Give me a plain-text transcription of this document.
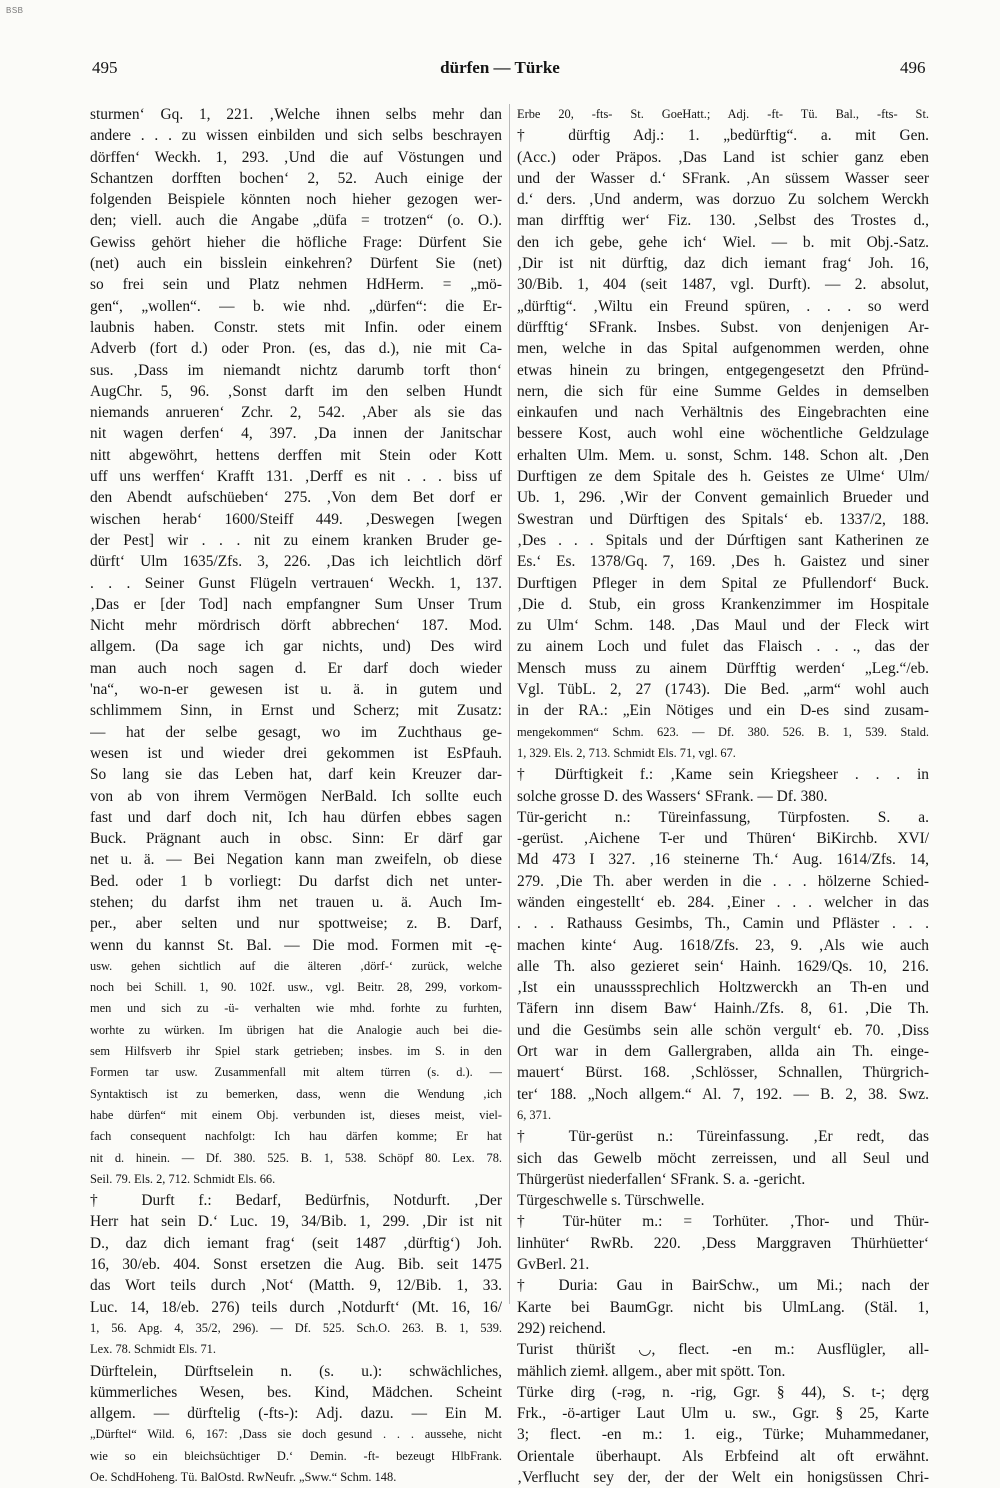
BSB
495	dürfen — Türke	496
sturmen‘ Gq. 1, 221. ‚Welche ihnen selbs mehr dan
andere . . . zu wissen einbilden und sich selbs beschrayen
dörffen‘ Weckh. 1, 293. ‚Und die auf Vöstungen und
Schantzen dorfften bochen‘ 2, 52. Auch einige der
folgenden Beispiele könnten noch hieher gezogen wer-
den; viell. auch die Angabe „düfa = trotzen“ (o. O.).
Gewiss gehört hieher die höfliche Frage: Dürfent Sie
(net) auch ein bisslein einkehren? Dürfent Sie (net)
so frei sein und Platz nehmen HdHerm. = „mö-
gen“, „wollen“. — b. wie nhd. „dürfen“: die Er-
laubnis haben. Constr. stets mit Infin. oder einem
Adverb (fort d.) oder Pron. (es, das d.), nie mit Ca-
sus. ‚Dass im niemandt nichtz darumb torft thon‘
AugChr. 5, 96. ‚Sonst darft im den selben Hundt
niemands anrueren‘ Zchr. 2, 542. ‚Aber als sie das
nit wagen derfen‘ 4, 397. ‚Da innen der Janitschar
nitt abgewöhrt, hettens derffen mit Stein oder Kott
uff uns werffen‘ Krafft 131. ‚Derff es nit . . . biss uf
den Abendt aufschüeben‘ 275. ‚Von dem Bet dorf er
wischen herab‘ 1600/Steiff 449. ‚Deswegen [wegen
der Pest] wir . . . nit zu einem kranken Bruder ge-
dürft‘ Ulm 1635/Zfs. 3, 226. ‚Das ich leichtlich dörf
. . . Seiner Gunst Flügeln vertrauen‘ Weckh. 1, 137.
‚Das er [der Tod] nach empfangner Sum Unser Trum
Nicht mehr mördrisch dörft abbrechen‘ 187. Mod.
allgem. (Da sage ich gar nichts, und) Des wird
man auch noch sagen d. Er darf doch wieder
'na“, wo-n-er gewesen ist u. ä. in gutem und
schlimmem Sinn, in Ernst und Scherz; mit Zusatz:
— hat der selbe gesagt, wo im Zuchthaus ge-
wesen ist und wieder drei gekommen ist EsPfauh.
So lang sie das Leben hat, darf kein Kreuzer dar-
von ab von ihrem Vermögen NerBald. Ich sollte euch
fast und darf doch nit, Ich hau dürfen ebbes sagen
Buck. Prägnant auch in obsc. Sinn: Er därf gar
net u. ä. — Bei Negation kann man zweifeln, ob diese
Bed. oder 1 b vorliegt: Du darfst dich net unter-
stehen; du darfst ihm net trauen u. ä. Auch Im-
per., aber selten und nur spottweise; z. B. Darf,
wenn du kannst St. Bal. — Die mod. Formen mit -ę-
usw. gehen sichtlich auf die älteren ‚dörf-‘ zurück, welche
noch bei Schill. 1, 90. 102f. usw., vgl. Beitr. 28, 299, vorkom-
men und sich zu -ü- verhalten wie mhd. forhte zu furhten,
worhte zu würken. Im übrigen hat die Analogie auch bei die-
sem Hilfsverb ihr Spiel stark getrieben; insbes. im S. in den
Formen tar usw. Zusammenfall mit altem türren (s. d.). —
Syntaktisch ist zu bemerken, dass, wenn die Wendung ‚ich
habe dürfen“ mit einem Obj. verbunden ist, dieses meist, viel-
fach consequent nachfolgt: Ich hau därfen komme; Er hat
nit d. hinein. — Df. 380. 525. B. 1, 538. Schöpf 80. Lex. 78.
Seil. 79. Els. 2, 712. Schmidt Els. 66.
† Durft f.: Bedarf, Bedürfnis, Notdurft. ‚Der
Herr hat sein D.‘ Luc. 19, 34/Bib. 1, 299. ‚Dir ist nit
D., daz dich iemant frag‘ (seit 1487 ‚dürftig‘) Joh.
16, 30/eb. 404. Sonst ersetzen die Aug. Bib. seit 1475
das Wort teils durch ‚Not‘ (Matth. 9, 12/Bib. 1, 33.
Luc. 14, 18/eb. 276) teils durch ‚Notdurft‘ (Mt. 16, 16/
1, 56. Apg. 4, 35/2, 296). — Df. 525. Sch.O. 263. B. 1, 539.
Lex. 78. Schmidt Els. 71.
Dürftelein, Dürftselein n. (s. u.): schwächliches,
kümmerliches Wesen, bes. Kind, Mädchen. Scheint
allgem. — dürftelig (-fts-): Adj. dazu. — Ein M.
„Dürftel“ Wild. 6, 167: ‚Dass sie doch gesund . . . aussehe, nicht
wie so ein bleichsüchtiger D.‘ Demin. -ft- bezeugt HlbFrank.
Oe. SchdHoheng. Tü. BalOstd. RwNeufr. „Sww.“ Schm. 148.
Erbe 20, -fts- St. GoeHatt.; Adj. -ft- Tü. Bal., -fts- St.
† dürftig Adj.: 1. „bedürftig“. a. mit Gen.
(Acc.) oder Präpos. ‚Das Land ist schier ganz eben
und der Wasser d.‘ SFrank. ‚An süssem Wasser seer
d.‘ ders. ‚Und anderm, was dorzuo Zu solchem Werckh
man dirfftig wer‘ Fiz. 130. ‚Selbst des Trostes d.,
den ich gebe, gehe ich‘ Wiel. — b. mit Obj.-Satz.
‚Dir ist nit dürftig, daz dich iemant frag‘ Joh. 16,
30/Bib. 1, 404 (seit 1487, vgl. Durft). — 2. absolut,
„dürftig“. ‚Wiltu ein Freund spüren, . . . so werd
dürfftig‘ SFrank. Insbes. Subst. von denjenigen Ar-
men, welche in das Spital aufgenommen werden, ohne
etwas hinein zu bringen, entgegengesetzt den Pfründ-
nern, die sich für eine Summe Geldes in demselben
einkaufen und nach Verhältnis des Eingebrachten eine
bessere Kost, auch wohl eine wöchentliche Geldzulage
erhalten Ulm. Mem. u. sonst, Schm. 148. Schon alt. ‚Den
Durftigen ze dem Spitale des h. Geistes ze Ulme‘ Ulm/
Ub. 1, 296. ‚Wir der Convent gemainlich Brueder und
Swestran und Dürftigen des Spitals‘ eb. 1337/2, 188.
‚Des . . . Spitals und der Dúrftigen sant Katherinen ze
Es.‘ Es. 1378/Gq. 7, 169. ‚Des h. Gaistez und siner
Durftigen Pfleger in dem Spital ze Pfullendorf‘ Buck.
‚Die d. Stub, ein gross Krankenzimmer im Hospitale
zu Ulm‘ Schm. 148. ‚Das Maul und der Fleck wirt
zu ainem Loch und fulet das Flaisch . . ., das der
Mensch muss zu ainem Dürfftig werden‘ „Leg.“/eb.
Vgl. TübL. 2, 27 (1743). Die Bed. „arm“ wohl auch
in der RA.: „Ein Nötiges und ein D-es sind zusam-
mengekommen“ Schm. 623. — Df. 380. 526. B. 1, 539. Stald.
1, 329. Els. 2, 713. Schmidt Els. 71, vgl. 67.
† Dürftigkeit f.: ‚Kame sein Kriegsheer . . . in
solche grosse D. des Wassers‘ SFrank. — Df. 380.
Tür-gericht n.: Türeinfassung, Türpfosten. S. a.
-gerüst. ‚Aichene T-er und Thüren‘ BiKirchb. XVI/
Md 473 I 327. ‚16 steinerne Th.‘ Aug. 1614/Zfs. 14,
279. ‚Die Th. aber werden in die . . . hölzerne Schied-
wänden eingestellt‘ eb. 284. ‚Einer . . . welcher in das
. . . Rathauss Gesimbs, Th., Camin und Pfläster . . .
machen kinte‘ Aug. 1618/Zfs. 23, 9. ‚Als wie auch
alle Th. also gezieret sein‘ Hainh. 1629/Qs. 10, 216.
‚Ist ein unausssprechlich Holtzwerckh an Th-en und
Täfern inn disem Baw‘ Hainh./Zfs. 8, 61. ‚Die Th.
und die Gesümbs sein alle schön vergult‘ eb. 70. ‚Diss
Ort war in dem Gallergraben, allda ain Th. einge-
mauert‘ Bürst. 168. ‚Schlösser, Schnallen, Thürgrich-
ter‘ 188. „Noch allgem.“ Al. 7, 192. — B. 2, 38. Swz.
6, 371.
† Tür-gerüst n.: Türeinfassung. ‚Er redt, das
sich das Gewelb möcht zerreissen, und all Seul und
Thürgerüst niederfallen‘ SFrank. S. a. -gericht.
Türgeschwelle s. Türschwelle.
† Tür-hüter m.: = Torhüter. ‚Thor- und Thür-
linhüter‘ RwRb. 220. ‚Dess Marggraven Thürhüetter‘
GvBerl. 21.
† Duria: Gau in BairSchw., um Mi.; nach der
Karte bei BaumGgr. nicht bis UlmLang. (Stäl. 1,
292) reichend.
Turist thürišt ◡, flect. -en m.: Ausflügler, all-
mählich ziemł. allgem., aber mit spött. Ton.
Türke dirg (-rəg, n. -rig, Ggr. § 44), S. t-; dęrg
Frk., -ö-artiger Laut Ulm u. sw., Ggr. § 25, Karte
3; flect. -en m.: 1. eig., Türke; Muhammedaner,
Orientale überhaupt. Als Erbfeind alt oft erwähnt.
‚Verflucht sey der, der der Welt ein honigsüssen Chri-
